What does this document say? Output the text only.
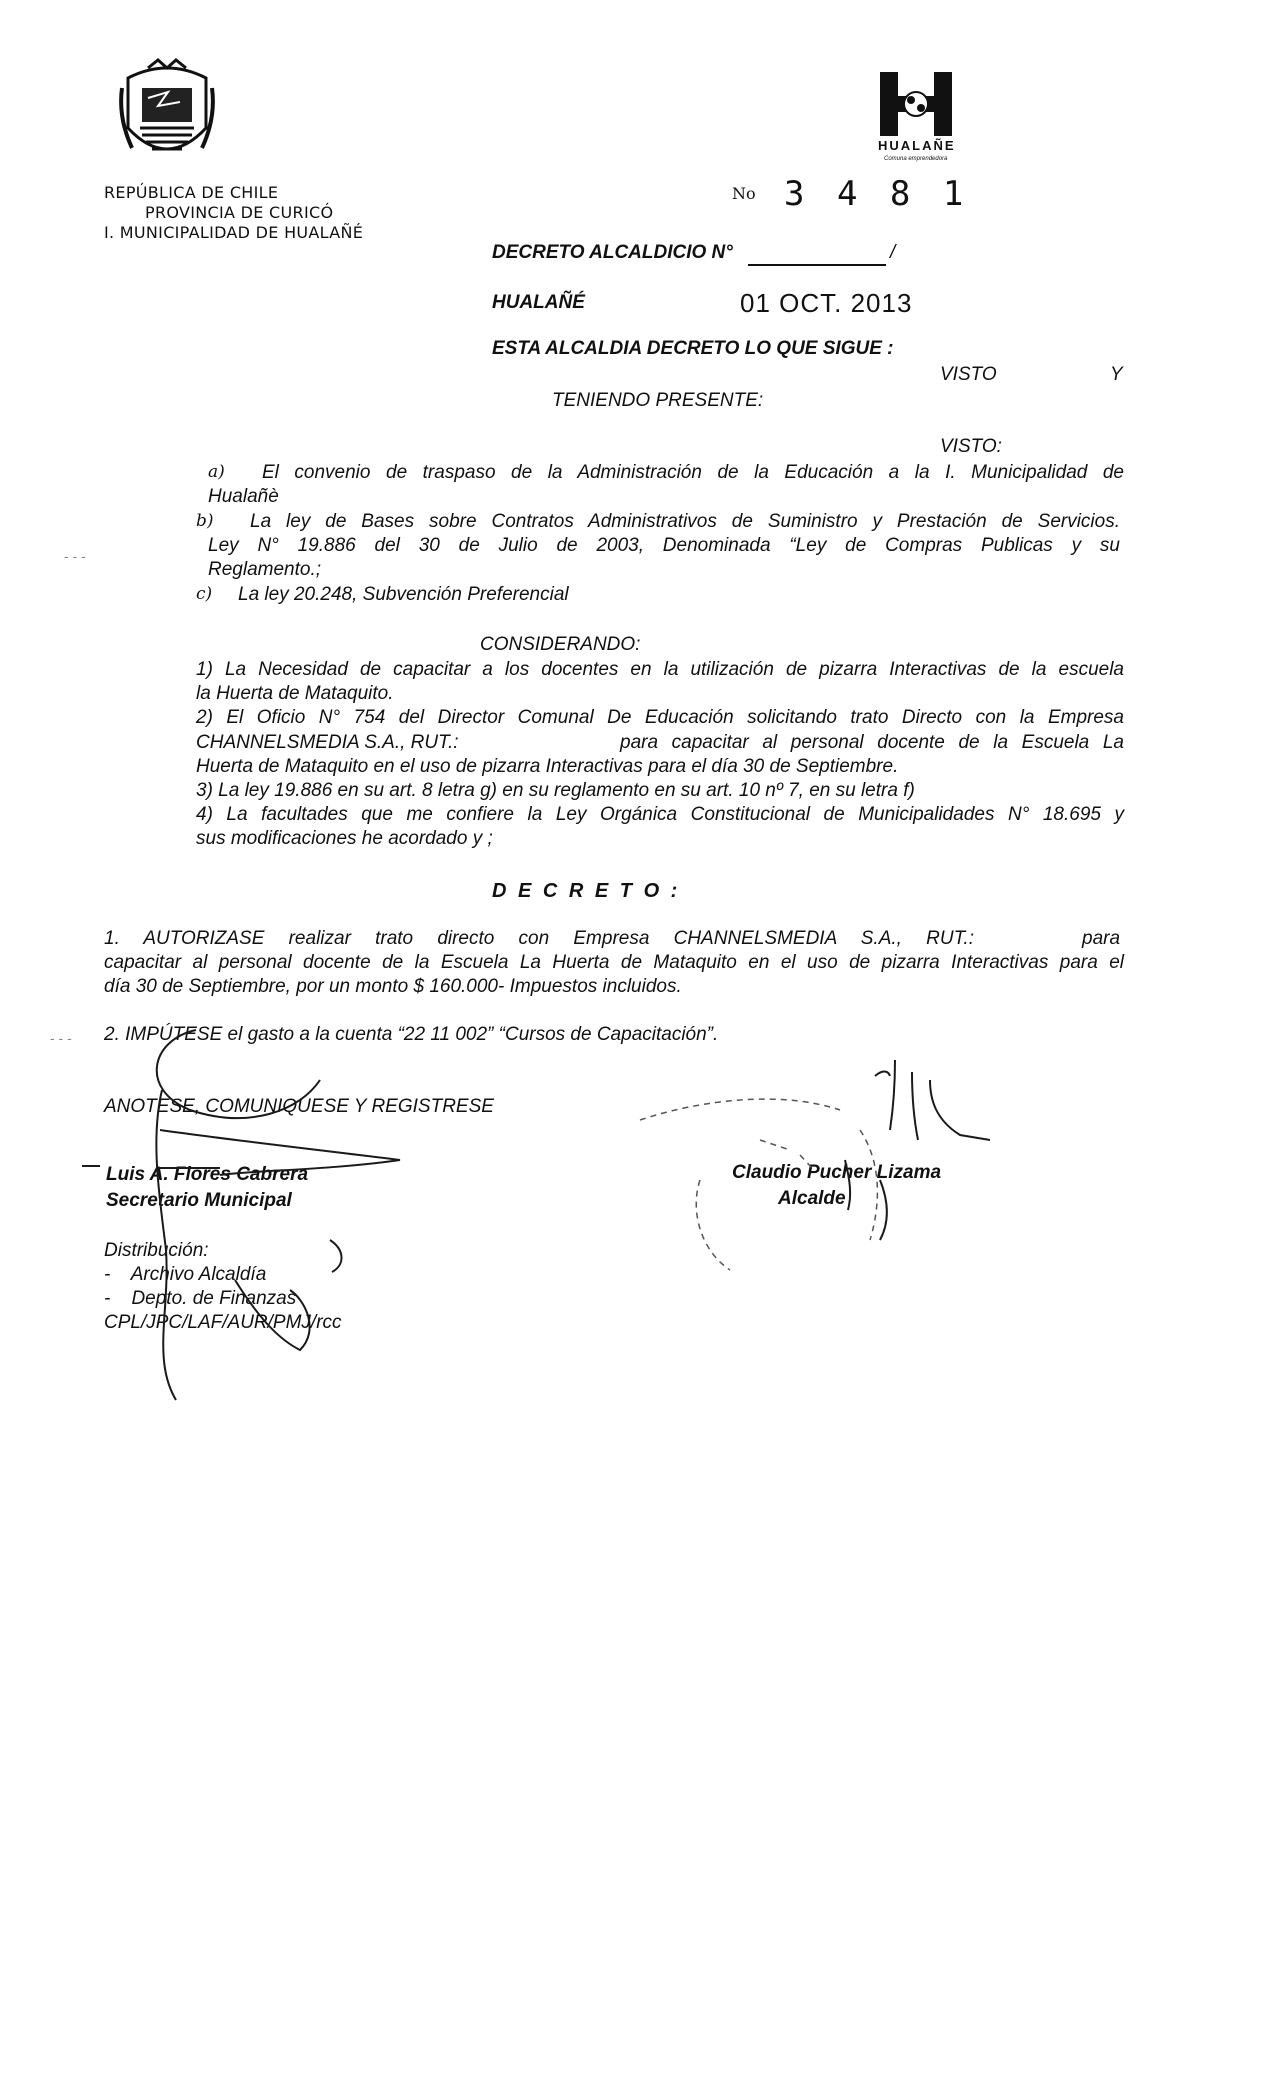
REPÚBLICA DE CHILE
PROVINCIA DE CURICÓ
I. MUNICIPALIDAD DE HUALAÑÉ
HUALAÑE
Comuna emprendedora
No 3 4 8 1
DECRETO ALCALDICIO N°	/
HUALAÑÉ	01 OCT. 2013
ESTA ALCALDIA DECRETO LO QUE SIGUE :
VISTO	Y
TENIENDO PRESENTE:
VISTO:
a) El convenio de traspaso de la Administración de la Educación a la I. Municipalidad de
Hualañè
b) La ley de Bases sobre Contratos Administrativos de Suministro y Prestación de Servicios.
Ley N° 19.886 del 30 de Julio de 2003, Denominada “Ley de Compras Publicas y su
Reglamento.;
c) La ley 20.248, Subvención Preferencial
CONSIDERANDO:
1) La Necesidad de capacitar a los docentes en la utilización de pizarra Interactivas de la escuela
la Huerta de Mataquito.
2) El Oficio N° 754 del Director Comunal De Educación solicitando trato Directo con la Empresa
CHANNELSMEDIA S.A., RUT.:	para capacitar al personal docente de la Escuela La
Huerta de Mataquito en el uso de pizarra Interactivas para el día 30 de Septiembre.
3) La ley 19.886 en su art. 8 letra g) en su reglamento en su art. 10 nº 7, en su letra f)
4) La facultades que me confiere la Ley Orgánica Constitucional de Municipalidades N° 18.695 y
sus modificaciones he acordado y ;
D E C R E T O :
1. AUTORIZASE realizar trato directo con Empresa CHANNELSMEDIA S.A., RUT.:	para
capacitar al personal docente de la Escuela La Huerta de Mataquito en el uso de pizarra Interactivas para el
día 30 de Septiembre, por un monto $ 160.000- Impuestos incluidos.
2. IMPÚTESE el gasto a la cuenta “22 11 002” “Cursos de Capacitación”.
ANOTESE, COMUNIQUESE Y REGISTRESE
Luis A. Flores Cabrera
Secretario Municipal
Claudio Pucher Lizama
Alcalde
Distribución:
-    Archivo Alcaldía
-    Depto. de Finanzas
CPL/JPC/LAF/AUR/PMJ/rcc
- - -
- - -
